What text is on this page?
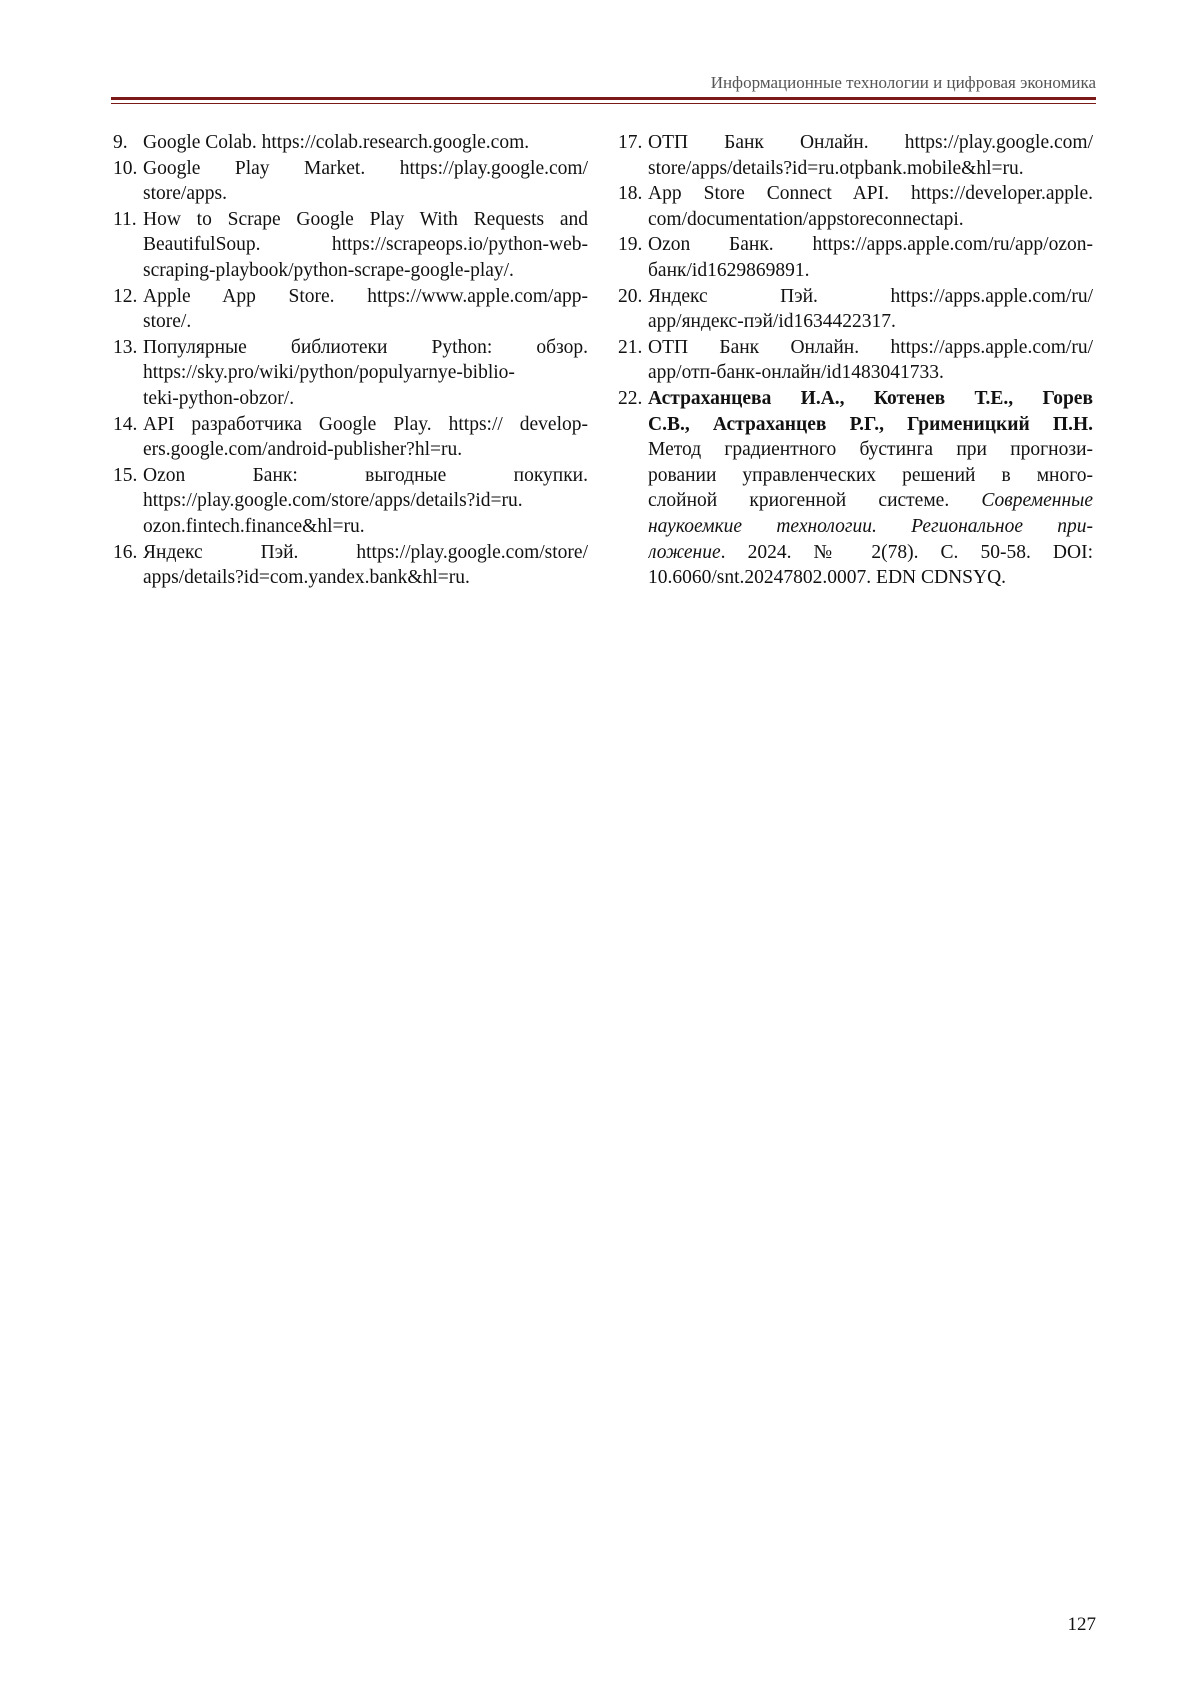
Информационные технологии и цифровая экономика
9. Google Colab. https://colab.research.google.com.
10. Google Play Market. https://play.google.com/
store/apps.
11. How to Scrape Google Play With Requests and
BeautifulSoup. https://scrapeops.io/python-web-
scraping-playbook/python-scrape-google-play/.
12. Apple App Store. https://www.apple.com/app-
store/.
13. Популярные библиотеки Python: обзор.
https://sky.pro/wiki/python/populyarnye-biblio-
teki-python-obzor/.
14. API разработчика Google Play. https:// develop-
ers.google.com/android-publisher?hl=ru.
15. Ozon Банк: выгодные покупки.
https://play.google.com/store/apps/details?id=ru.
ozon.fintech.finance&hl=ru.
16. Яндекс Пэй. https://play.google.com/store/
apps/details?id=com.yandex.bank&hl=ru.
17. ОТП Банк Онлайн. https://play.google.com/
store/apps/details?id=ru.otpbank.mobile&hl=ru.
18. App Store Connect API. https://developer.apple.
com/documentation/appstoreconnectapi.
19. Ozon Банк. https://apps.apple.com/ru/app/ozon-
банк/id1629869891.
20. Яндекс Пэй. https://apps.apple.com/ru/
app/яндекс-пэй/id1634422317.
21. ОТП Банк Онлайн. https://apps.apple.com/ru/
app/отп-банк-онлайн/id1483041733.
22. Астраханцева И.А., Котенев Т.Е., Горев
С.В., Астраханцев Р.Г., Грименицкий П.Н.
Метод градиентного бустинга при прогнози-
ровании управленческих решений в много-
слойной криогенной системе. Современные
наукоемкие технологии. Региональное при-
ложение. 2024. № 2(78). С. 50-58. DOI:
10.6060/snt.20247802.0007. EDN CDNSYQ.
127
